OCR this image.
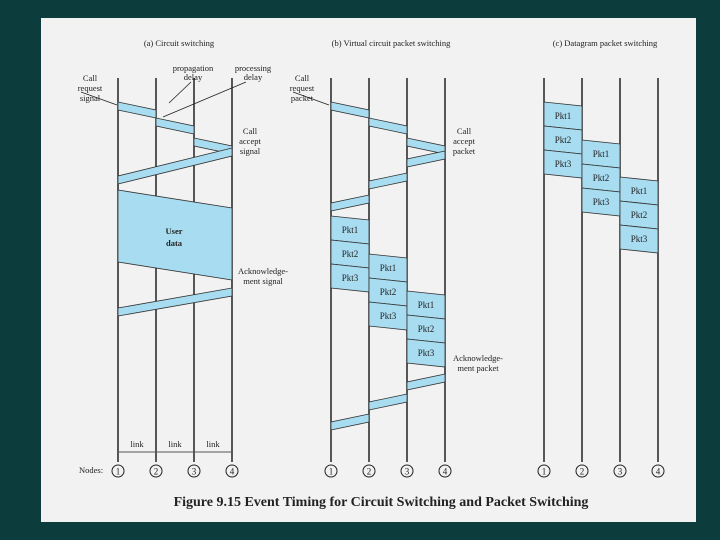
Pkt1
Pkt2
Pkt3
Pkt1
Pkt2
Pkt3
Pkt1
Pkt2
Pkt3
Pkt1
Pkt2
Pkt3
Pkt1
Pkt2
Pkt3
Pkt1
Pkt2
Pkt3
(a) Circuit switching	(b) Virtual circuit packet switching	(c) Datagram packet switching
Call
request
signal
propagation
delay
processing
delay
Call
accept
signal
User
data
Acknowledge-
ment signal
Call
request
packet
Call
accept
packet
Acknowledge-
ment packet
link	link	link
Nodes: 1	2	3	4	1	2	3	4	1	2	3	4
Figure 9.15 Event Timing for Circuit Switching and Packet Switching
